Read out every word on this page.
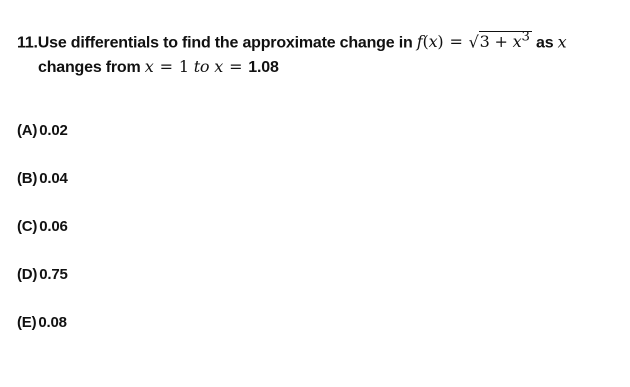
11.Use differentials to find the approximate change in $f(x) = √3 + x^3$ as x
changes from x = 1 to x = 1.08
(A) 0.02
(B) 0.04
(C) 0.06
(D) 0.75
(E) 0.08
